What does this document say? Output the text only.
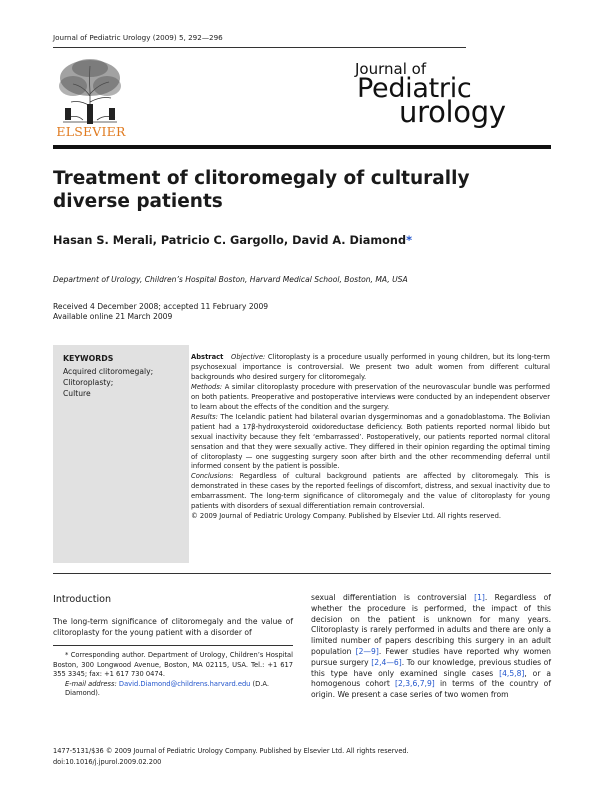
Journal of Pediatric Urology (2009) 5, 292—296
ELSEVIER
Journal of
Pediatric
urology
Treatment of clitoromegaly of culturally diverse patients
Hasan S. Merali, Patricio C. Gargollo, David A. Diamond*
Department of Urology, Children’s Hospital Boston, Harvard Medical School, Boston, MA, USA
Received 4 December 2008; accepted 11 February 2009
Available online 21 March 2009
KEYWORDS
Acquired clitoromegaly;
Clitoroplasty;
Culture

Abstract Objective: Clitoroplasty is a procedure usually performed in young children, but its long-term psychosexual importance is controversial. We present two adult women from different cultural backgrounds who desired surgery for clitoromegaly.

Methods: A similar clitoroplasty procedure with preservation of the neurovascular bundle was performed on both patients. Preoperative and postoperative interviews were conducted by an independent observer to learn about the effects of the condition and the surgery.

Results: The Icelandic patient had bilateral ovarian dysgerminomas and a gonadoblastoma. The Bolivian patient had a 17β-hydroxysteroid oxidoreductase deficiency. Both patients reported normal libido but sexual inactivity because they felt ‘embarrassed’. Postoperatively, our patients reported normal clitoral sensation and that they were sexually active. They differed in their opinion regarding the optimal timing of clitoroplasty — one suggesting surgery soon after birth and the other recommending deferral until informed consent by the patient is possible.

Conclusions: Regardless of cultural background patients are affected by clitoromegaly. This is demonstrated in these cases by the reported feelings of discomfort, distress, and sexual inactivity due to embarrassment. The long-term significance of clitoromegaly and the value of clitoroplasty for young patients with disorders of sexual differentiation remain controversial.

© 2009 Journal of Pediatric Urology Company. Published by Elsevier Ltd. All rights reserved.

Introduction
The long-term significance of clitoromegaly and the value of clitoroplasty for the young patient with a disorder of
* Corresponding author. Department of Urology, Children’s Hospital Boston, 300 Longwood Avenue, Boston, MA 02115, USA. Tel.: +1 617 355 3345; fax: +1 617 730 0474.
E-mail address: David.Diamond@childrens.harvard.edu (D.A. Diamond).
sexual differentiation is controversial [1]. Regardless of whether the procedure is performed, the impact of this decision on the patient is unknown for many years. Clitoroplasty is rarely performed in adults and there are only a limited number of papers describing this surgery in an adult population [2—9]. Fewer studies have reported why women pursue surgery [2,4—6]. To our knowledge, previous studies of this type have only examined single cases [4,5,8], or a homogenous cohort [2,3,6,7,9] in terms of the country of origin. We present a case series of two women from
1477-5131/$36 © 2009 Journal of Pediatric Urology Company. Published by Elsevier Ltd. All rights reserved.
doi:10.1016/j.jpurol.2009.02.200
